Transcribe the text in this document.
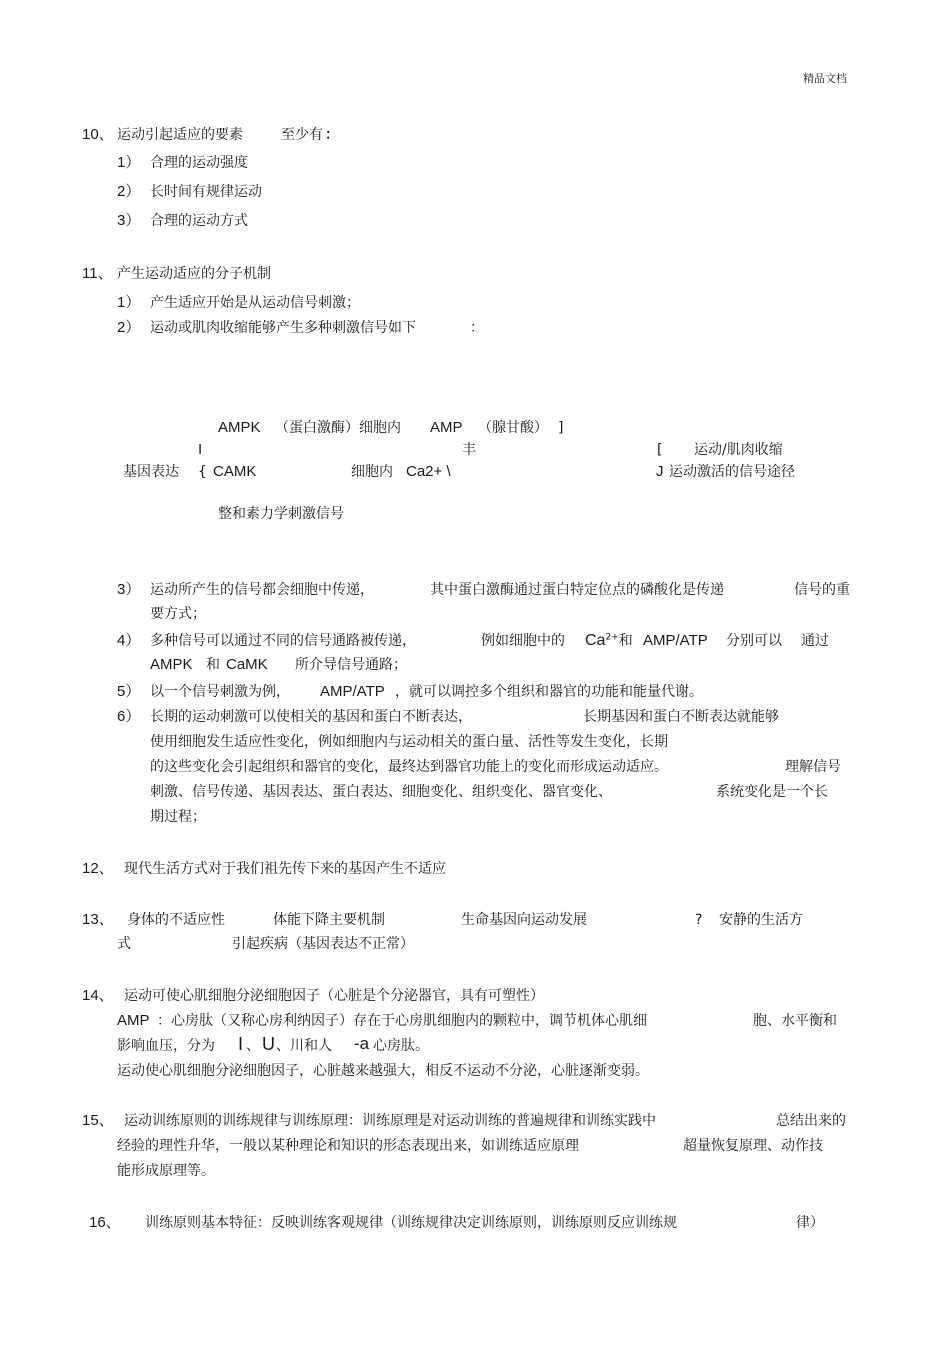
精品文档
10、 运动引起适应的要素	至少有 ：
1） 合理的运动强度
2） 长时间有规律运动
3） 合理的运动方式
11、 产生运动适应的分子机制
1） 产生适应开始是从运动信号刺激；
2） 运动或肌肉收缩能够产生多种刺激信号如下	：
AMPK （蛋白激酶）细胞内 AMP （腺甘酸） ]
I	丰	[ 运动/肌肉收缩
基因表达 { CAMK	细胞内 Ca2+ \	J 运动激活的信号途径
整和素力学刺激信号
3） 运动所产生的信号都会细胞中传递，	其中蛋白激酶通过蛋白特定位点的磷酸化是传递	信号的重
要方式；
4） 多种信号可以通过不同的信号通路被传递，	例如细胞中的 $Ca^{2+}$和 AMP/ATP 分别可以 通过
AMPK 和 CaMK 所介导信号通路；
5） 以一个信号刺激为例， AMP/ATP ，就可以调控多个组织和器官的功能和能量代谢。
6） 长期的运动刺激可以使相关的基因和蛋白不断表达，	长期基因和蛋白不断表达就能够
使用细胞发生适应性变化，例如细胞内与运动相关的蛋白量、活性等发生变化，长期
的这些变化会引起组织和器官的变化，最终达到器官功能上的变化而形成运动适应。	理解信号
刺激、信号传递、基因表达、蛋白表达、细胞变化、组织变化、器官变化、	系统变化是一个长
期过程；
12、 现代生活方式对于我们祖先传下来的基因产生不适应
13、 身体的不适应性	体能下降主要机制	生命基因向运动发展	? 安静的生活方
式	引起疾病（基因表达不正常）
14、 运动可使心肌细胞分泌细胞因子（心脏是个分泌器官，具有可塑性）
AMP ：心房肽（又称心房利纳因子）存在于心房肌细胞内的颗粒中，调节机体心肌细	胞、水平衡和
影响血压，分为 I 、 U 、川和人 -a 心房肽。
运动使心肌细胞分泌细胞因子，心脏越来越强大，相反不运动不分泌，心脏逐渐变弱。
15、 运动训练原则的训练规律与训练原理：训练原理是对运动训练的普遍规律和训练实践中	总结出来的
经验的理性升华，一般以某种理论和知识的形态表现出来，如训练适应原理	超量恢复原理、动作技
能形成原理等。
16、 训练原则基本特征：反映训练客观规律（训练规律决定训练原则，训练原则反应训练规	律）
